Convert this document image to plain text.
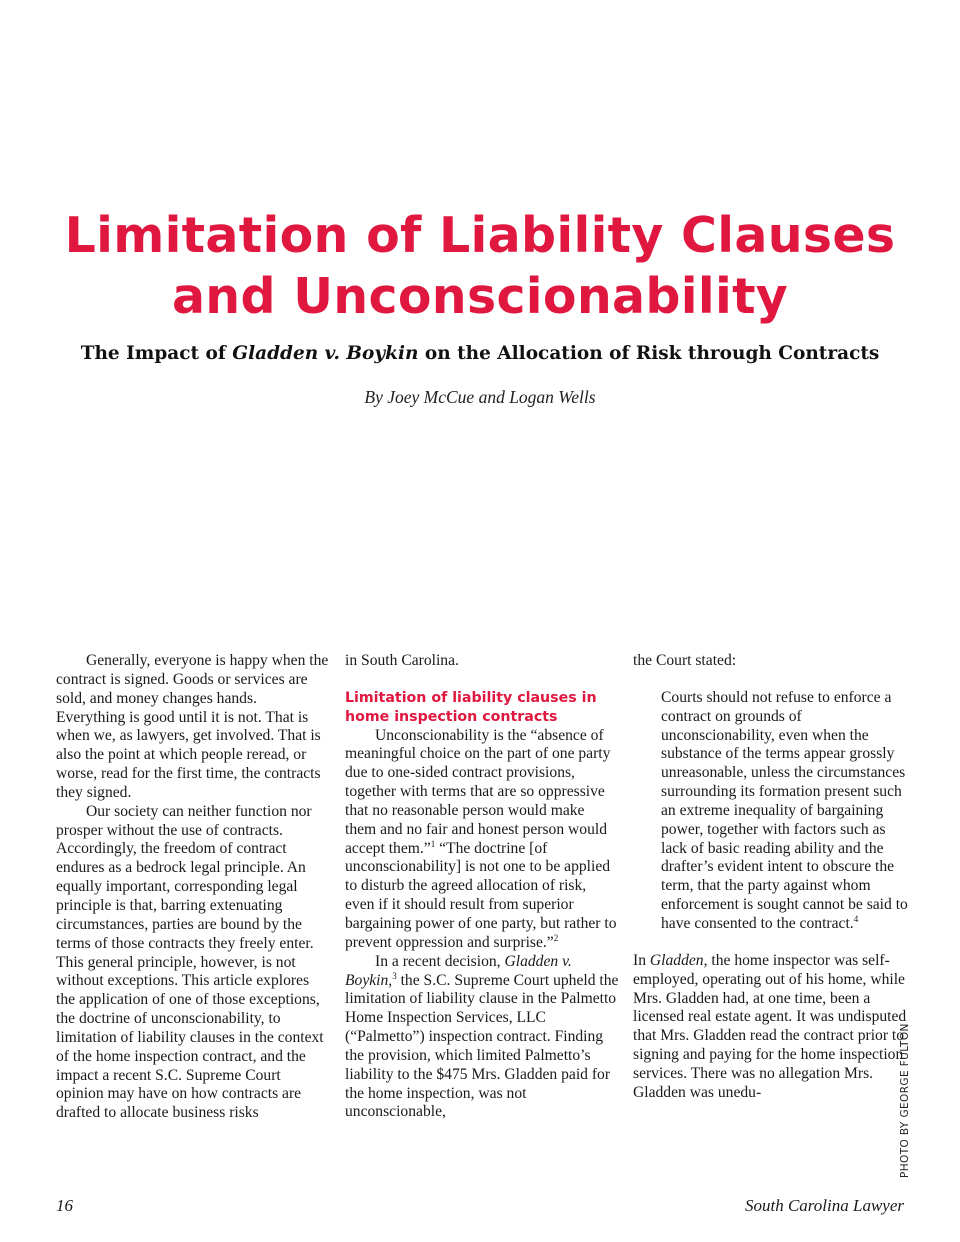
Limitation of Liability Clauses
and Unconscionability

The Impact of Gladden v. Boykin on the Allocation of Risk through Contracts

By Joey McCue and Logan Wells

Generally, everyone is happy when the contract is signed. Goods or services are sold, and money changes hands. Everything is good until it is not. That is when we, as lawyers, get involved. That is also the point at which people reread, or worse, read for the first time, the contracts they signed.

Our society can neither function nor prosper without the use of contracts. Accordingly, the freedom of contract endures as a bedrock legal principle. An equally important, corresponding legal principle is that, barring extenuating circumstances, parties are bound by the terms of those contracts they freely enter. This general principle, however, is not without exceptions. This article explores the application of one of those exceptions, the doctrine of unconscionability, to limitation of liability clauses in the context of the home inspection contract, and the impact a recent S.C. Supreme Court opinion may have on how contracts are drafted to allocate business risks

in South Carolina.

Limitation of liability clauses in home inspection contracts

Unconscionability is the “absence of meaningful choice on the part of one party due to one-sided contract provisions, together with terms that are so oppressive that no reasonable person would make them and no fair and honest person would accept them.”$^1$ “The doctrine [of unconscionability] is not one to be applied to disturb the agreed allocation of risk, even if it should result from superior bargaining power of one party, but rather to prevent oppression and surprise.”$^2$

In a recent decision, Gladden v. Boykin,$^3$ the S.C. Supreme Court upheld the limitation of liability clause in the Palmetto Home Inspection Services, LLC (“Palmetto”) inspection contract. Finding the provision, which limited Palmetto’s liability to the $475 Mrs. Gladden paid for the home inspection, was not unconscionable,

the Court stated:

Courts should not refuse to enforce a contract on grounds of unconscionability, even when the substance of the terms appear grossly unreasonable, unless the circumstances surrounding its formation present such an extreme inequality of bargaining power, together with factors such as lack of basic reading ability and the drafter’s evident intent to obscure the term, that the party against whom enforcement is sought cannot be said to have consented to the contract.$^4$

In Gladden, the home inspector was self-employed, operating out of his home, while Mrs. Gladden had, at one time, been a licensed real estate agent. It was undisputed that Mrs. Gladden read the contract prior to signing and paying for the home inspection services. There was no allegation Mrs. Gladden was unedu-	PHOTO BY GEORGE FULTON
16	South Carolina Lawyer
